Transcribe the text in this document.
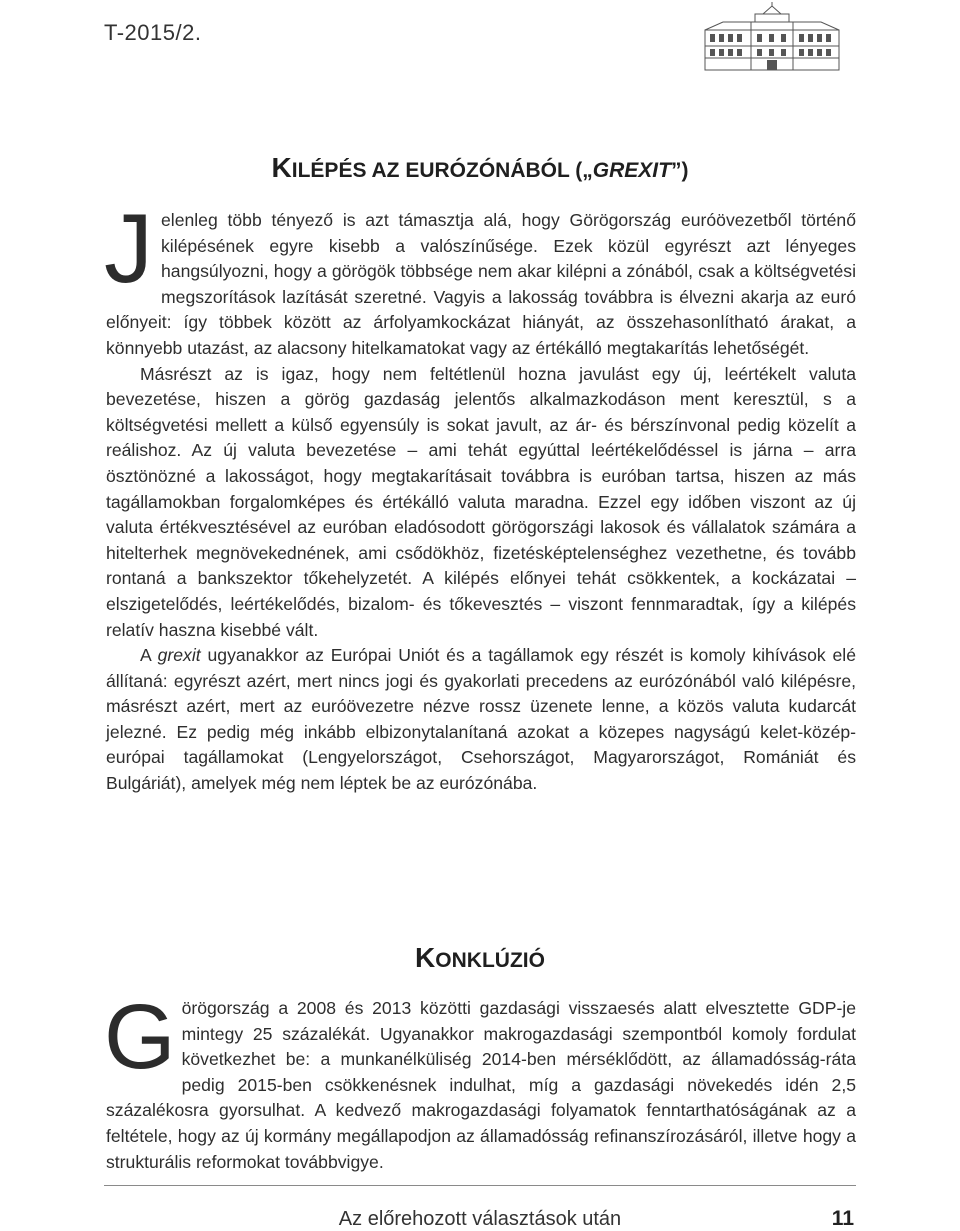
T-2015/2.
KILÉPÉS AZ EURÓZÓNÁBÓL („GREXIT”)

Jelenleg több tényező is azt támasztja alá, hogy Görögország euróövezetből történő kilépésének egyre kisebb a valószínűsége. Ezek közül egyrészt azt lényeges hangsúlyozni, hogy a görögök többsége nem akar kilépni a zónából, csak a költségvetési megszorítások lazítását szeretné. Vagyis a lakosság továbbra is élvezni akarja az euró előnyeit: így többek között az árfolyamkockázat hiányát, az összehasonlítható árakat, a könnyebb utazást, az alacsony hitelkamatokat vagy az értékálló megtakarítás lehetőségét.

Másrészt az is igaz, hogy nem feltétlenül hozna javulást egy új, leértékelt valuta bevezetése, hiszen a görög gazdaság jelentős alkalmazkodáson ment keresztül, s a költségvetési mellett a külső egyensúly is sokat javult, az ár- és bérszínvonal pedig közelít a reálishoz. Az új valuta bevezetése – ami tehát egyúttal leértékelődéssel is járna – arra ösztönözné a lakosságot, hogy megtakarításait továbbra is euróban tartsa, hiszen az más tagállamokban forgalomképes és értékálló valuta maradna. Ezzel egy időben viszont az új valuta értékvesztésével az euróban eladósodott görögországi lakosok és vállalatok számára a hitelterhek megnövekednének, ami csődökhöz, fizetésképtelenséghez vezethetne, és tovább rontaná a bankszektor tőkehelyzetét. A kilépés előnyei tehát csökkentek, a kockázatai – elszigetelődés, leértékelődés, bizalom- és tőkevesztés – viszont fennmaradtak, így a kilépés relatív haszna kisebbé vált.

A grexit ugyanakkor az Európai Uniót és a tagállamok egy részét is komoly kihívások elé állítaná: egyrészt azért, mert nincs jogi és gyakorlati precedens az eurózónából való kilépésre, másrészt azért, mert az euróövezetre nézve rossz üzenete lenne, a közös valuta kudarcát jelezné. Ez pedig még inkább elbizonytalanítaná azokat a közepes nagyságú kelet-közép-európai tagállamokat (Lengyelországot, Csehországot, Magyarországot, Romániát és Bulgáriát), amelyek még nem léptek be az eurózónába.

KONKLÚZIÓ

Görögország a 2008 és 2013 közötti gazdasági visszaesés alatt elvesztette GDP-je mintegy 25 százalékát. Ugyanakkor makrogazdasági szempontból komoly fordulat következhet be: a munkanélküliség 2014-ben mérséklődött, az államadósság-ráta pedig 2015-ben csökkenésnek indulhat, míg a gazdasági növekedés idén 2,5 százalékosra gyorsulhat. A kedvező makrogazdasági folyamatok fenntarthatóságának az a feltétele, hogy az új kormány megállapodjon az államadósság refinanszírozásáról, illetve hogy a strukturális reformokat továbbvigye.

Az előrehozott választások után	11
